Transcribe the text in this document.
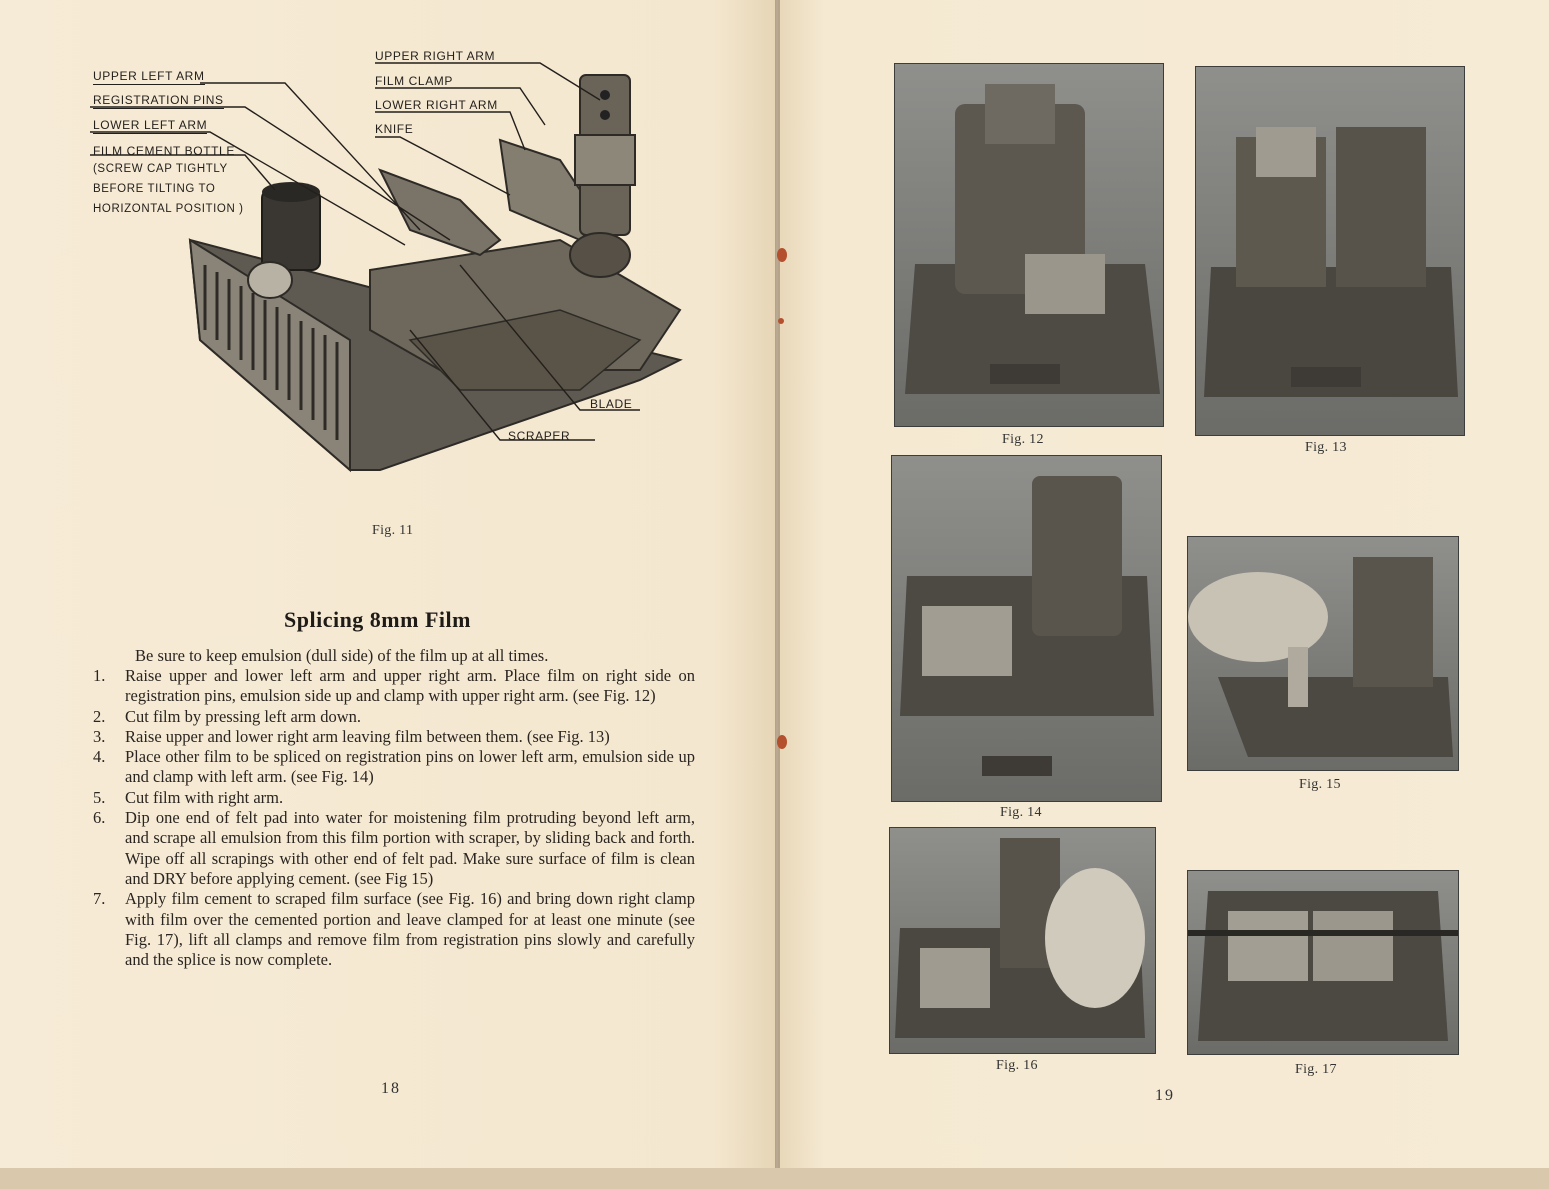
UPPER LEFT ARM
REGISTRATION PINS
LOWER LEFT ARM
FILM CEMENT BOTTLE
(SCREW CAP TIGHTLY
BEFORE TILTING TO
HORIZONTAL POSITION )
UPPER RIGHT ARM
FILM CLAMP
LOWER RIGHT ARM
KNIFE
BLADE
SCRAPER
Fig. 11
Splicing 8mm Film
Be sure to keep emulsion (dull side) of the film up at all times.
1. Raise upper and lower left arm and upper right arm. Place film on right side on registration pins, emulsion side up and clamp with upper right arm. (see Fig. 12)
2. Cut film by pressing left arm down.
3. Raise upper and lower right arm leaving film between them. (see Fig. 13)
4. Place other film to be spliced on registration pins on lower left arm, emulsion side up and clamp with left arm. (see Fig. 14)
5. Cut film with right arm.
6. Dip one end of felt pad into water for moistening film protruding beyond left arm, and scrape all emulsion from this film portion with scraper, by sliding back and forth. Wipe off all scrapings with other end of felt pad. Make sure surface of film is clean and DRY before applying cement. (see Fig 15)
7. Apply film cement to scraped film surface (see Fig. 16) and bring down right clamp with film over the cemented portion and leave clamped for at least one minute (see Fig. 17), lift all clamps and remove film from registration pins slowly and carefully and the splice is now complete.
18
Fig. 12
Fig. 13
Fig. 14
Fig. 15
Fig. 16	Fig. 17
19
